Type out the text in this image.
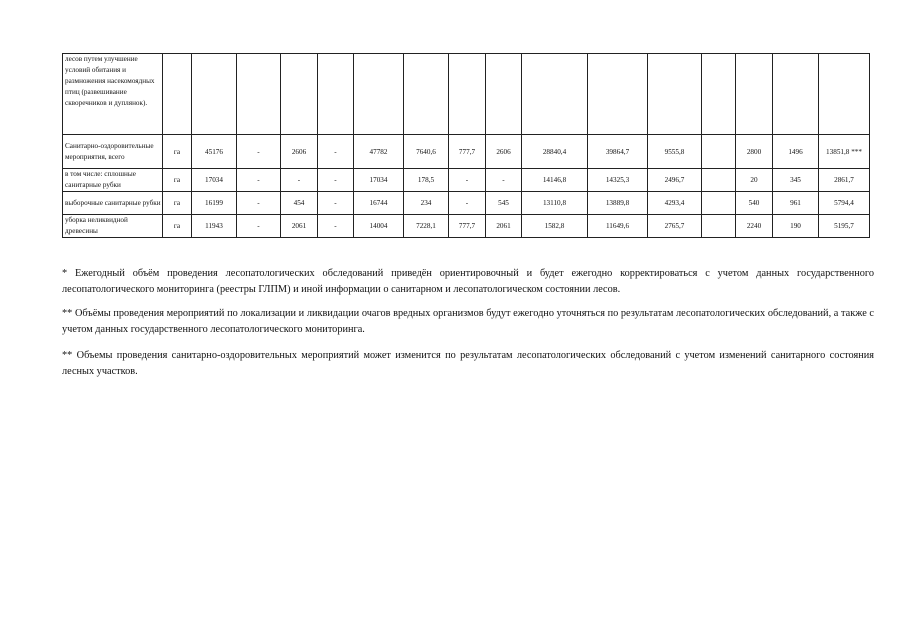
лесов путем улучшение условий обитания и размножения насекомоядных птиц (развешивание скворечников и дуплянок).																
Санитарно-оздоровительные мероприятия, всего	га	45176	-	2606	-	47782	7640,6	777,7	2606	28840,4	39864,7	9555,8		2800	1496	13851,8 ***
в том числе: сплошные санитарные рубки	га	17034	-	-	-	17034	178,5	-	-	14146,8	14325,3	2496,7		20	345	2861,7
выборочные санитарные рубки	га	16199	-	454	-	16744	234	-	545	13110,8	13889,8	4293,4		540	961	5794,4
уборка неликвидной древесины	га	11943	-	2061	-	14004	7228,1	777,7	2061	1582,8	11649,6	2765,7		2240	190	5195,7

* Ежегодный объём проведения лесопатологических обследований приведён ориентировочный и будет ежегодно корректироваться с учетом данных государственного лесопатологического мониторинга (реестры ГЛПМ) и иной информации о санитарном и лесопатологическом состоянии лесов.

** Объёмы проведения мероприятий по локализации и ликвидации очагов вредных организмов будут ежегодно уточняться по результатам лесопатологических обследований, а также с учетом данных государственного лесопатологического мониторинга.

** Объемы проведения санитарно-оздоровительных мероприятий может изменится по результатам лесопатологических обследований с учетом изменений санитарного состояния лесных участков.
